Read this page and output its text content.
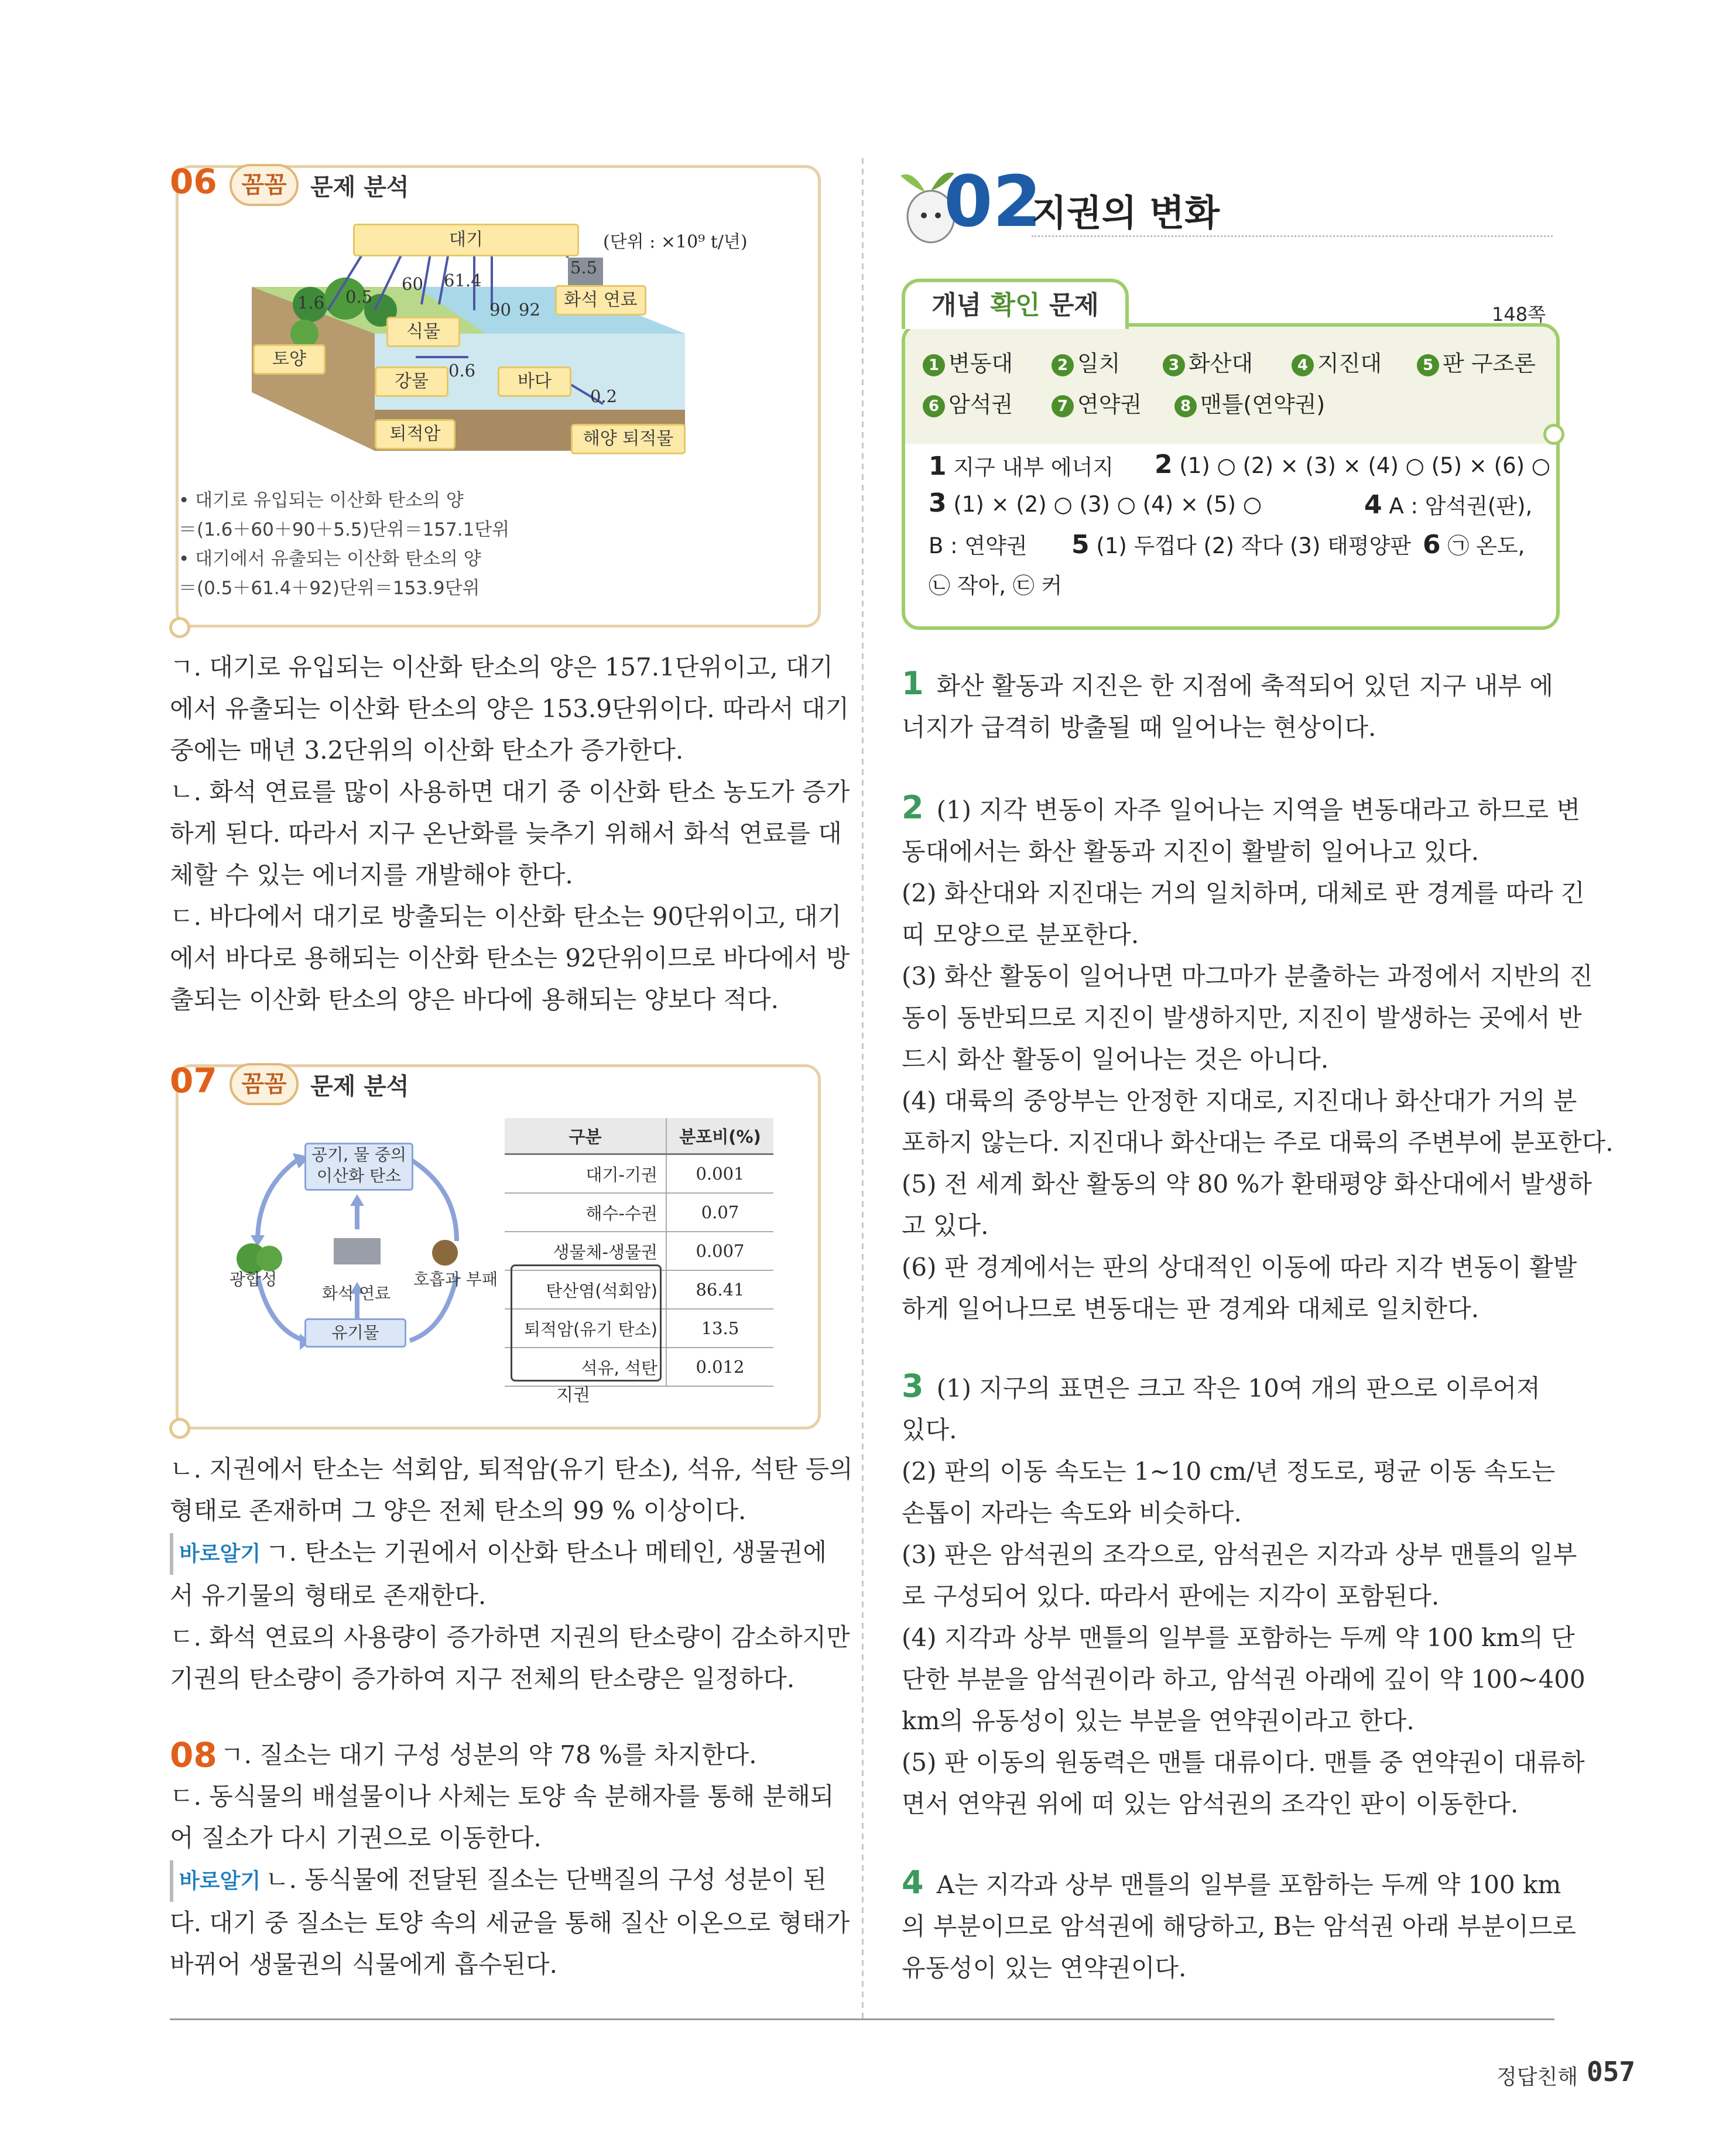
06	꼼꼼	문제 분석
대기	(단위 : ×10⁹ t/년)
화석 연료
식물
토양
강물	바다
퇴적암	해양 퇴적물
1.6 0.5
60 61.4
90 92
5.5
0.6
0.2
• 대기로 유입되는 이산화 탄소의 양
＝(1.6＋60＋90＋5.5)단위＝157.1단위
• 대기에서 유출되는 이산화 탄소의 양
＝(0.5＋61.4＋92)단위＝153.9단위

ㄱ. 대기로 유입되는 이산화 탄소의 양은 157.1단위이고, 대기

에서 유출되는 이산화 탄소의 양은 153.9단위이다. 따라서 대기

중에는 매년 3.2단위의 이산화 탄소가 증가한다.

ㄴ. 화석 연료를 많이 사용하면 대기 중 이산화 탄소 농도가 증가

하게 된다. 따라서 지구 온난화를 늦추기 위해서 화석 연료를 대

체할 수 있는 에너지를 개발해야 한다.

ㄷ. 바다에서 대기로 방출되는 이산화 탄소는 90단위이고, 대기

에서 바다로 용해되는 이산화 탄소는 92단위이므로 바다에서 방

출되는 이산화 탄소의 양은 바다에 용해되는 양보다 적다.

07	꼼꼼	문제 분석
공기, 물 중의
이산화 탄소
유기물
광합성	호흡과 부패
화석 연료
구분	분포비(%)
대기-기권	0.001
해수-수권	0.07
생물체-생물권	0.007
탄산염(석회암)	86.41
퇴적암(유기 탄소)	13.5
석유, 석탄	0.012
지권

ㄴ. 지권에서 탄소는 석회암, 퇴적암(유기 탄소), 석유, 석탄 등의

형태로 존재하며 그 양은 전체 탄소의 99 % 이상이다.

바로알기 ㄱ. 탄소는 기권에서 이산화 탄소나 메테인, 생물권에

서 유기물의 형태로 존재한다.

ㄷ. 화석 연료의 사용량이 증가하면 지권의 탄소량이 감소하지만

기권의 탄소량이 증가하여 지구 전체의 탄소량은 일정하다.

08 ㄱ. 질소는 대기 구성 성분의 약 78 %를 차지한다.

ㄷ. 동식물의 배설물이나 사체는 토양 속 분해자를 통해 분해되

어 질소가 다시 기권으로 이동한다.

바로알기 ㄴ. 동식물에 전달된 질소는 단백질의 구성 성분이 된

다. 대기 중 질소는 토양 속의 세균을 통해 질산 이온으로 형태가

바뀌어 생물권의 식물에게 흡수된다.

02
지권의 변화
개념 확인 문제	148쪽
1 변동대	2 일치	3 화산대	4 지진대	5 판 구조론
6 암석권	7 연약권	8 맨틀(연약권)
1 지구 내부 에너지 2 (1) ○ (2) × (3) × (4) ○ (5) × (6) ○
3 (1) × (2) ○ (3) ○ (4) × (5) ○	4 A : 암석권(판),
B : 연약권 5 (1) 두껍다 (2) 작다 (3) 태평양판 6 ㉠ 온도,
㉡ 작아, ㉢ 커

1 화산 활동과 지진은 한 지점에 축적되어 있던 지구 내부 에

너지가 급격히 방출될 때 일어나는 현상이다.

2 (1) 지각 변동이 자주 일어나는 지역을 변동대라고 하므로 변

동대에서는 화산 활동과 지진이 활발히 일어나고 있다.

(2) 화산대와 지진대는 거의 일치하며, 대체로 판 경계를 따라 긴

띠 모양으로 분포한다.

(3) 화산 활동이 일어나면 마그마가 분출하는 과정에서 지반의 진

동이 동반되므로 지진이 발생하지만, 지진이 발생하는 곳에서 반

드시 화산 활동이 일어나는 것은 아니다.

(4) 대륙의 중앙부는 안정한 지대로, 지진대나 화산대가 거의 분

포하지 않는다. 지진대나 화산대는 주로 대륙의 주변부에 분포한다.

(5) 전 세계 화산 활동의 약 80 %가 환태평양 화산대에서 발생하

고 있다.

(6) 판 경계에서는 판의 상대적인 이동에 따라 지각 변동이 활발

하게 일어나므로 변동대는 판 경계와 대체로 일치한다.

3 (1) 지구의 표면은 크고 작은 10여 개의 판으로 이루어져

있다.

(2) 판의 이동 속도는 1~10 cm/년 정도로, 평균 이동 속도는

손톱이 자라는 속도와 비슷하다.

(3) 판은 암석권의 조각으로, 암석권은 지각과 상부 맨틀의 일부

로 구성되어 있다. 따라서 판에는 지각이 포함된다.

(4) 지각과 상부 맨틀의 일부를 포함하는 두께 약 100 km의 단

단한 부분을 암석권이라 하고, 암석권 아래에 깊이 약 100~400

km의 유동성이 있는 부분을 연약권이라고 한다.

(5) 판 이동의 원동력은 맨틀 대류이다. 맨틀 중 연약권이 대류하

면서 연약권 위에 떠 있는 암석권의 조각인 판이 이동한다.

4 A는 지각과 상부 맨틀의 일부를 포함하는 두께 약 100 km

의 부분이므로 암석권에 해당하고, B는 암석권 아래 부분이므로

유동성이 있는 연약권이다.

정답친해 057
